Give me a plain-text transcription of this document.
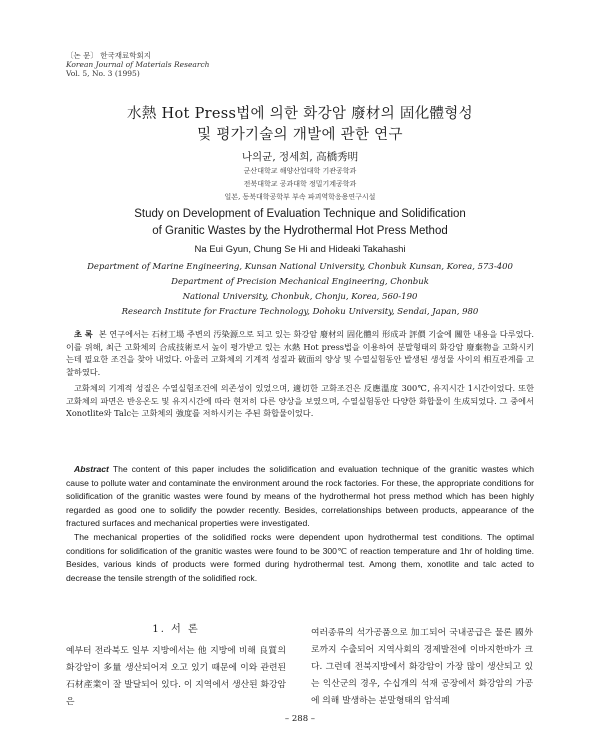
〔논 문〕 한국재료학회지
Korean Journal of Materials Research
Vol. 5, No. 3 (1995)
水熱 Hot Press법에 의한 화강암 廢材의 固化體형성
및 평가기술의 개발에 관한 연구
나의균, 정세희, 高橋秀明
군산대학교 해양산업대학 기관공학과
전북대학교 공과대학 정밀기계공학과
일본, 동북대학공학부 부속 파괴역학응용연구시설
Study on Development of Evaluation Technique and Solidification
of Granitic Wastes by the Hydrothermal Hot Press Method
Na Eui Gyun, Chung Se Hi and Hideaki Takahashi
Department of Marine Engineering, Kunsan National University, Chonbuk Kunsan, Korea, 573-400
Department of Precision Mechanical Engineering, Chonbuk
National University, Chonbuk, Chonju, Korea, 560-190
Research Institute for Fracture Technology, Dohoku University, Sendai, Japan, 980

초 록 본 연구에서는 石材工場 주변의 汚染源으로 되고 있는 화강암 廢材의 固化體의 形成과 評價 기술에 關한 내용을 다루었다. 이를 위해, 최근 고화체의 合成技術로서 높이 평가받고 있는 水熱 Hot press법을 이용하여 분말형태의 화강암 廢棄物을 고화시키는데 필요한 조건을 찾아 내었다. 아울러 고화체의 기계적 성질과 破面의 양상 및 수열실험동안 발생된 생성물 사이의 相互관계를 고찰하였다.

고화체의 기계적 성질은 수열실험조건에 의존성이 있었으며, 適切한 고화조건은 反應溫度 300℃, 유지시간 1시간이었다. 또한 고화체의 파면은 반응온도 및 유지시간에 따라 현저히 다른 양상을 보였으며, 수열실험동안 다양한 화합물이 生成되었다. 그 중에서 Xonotlite와 Talc는 고화체의 強度를 저하시키는 주된 화합물이었다.

Abstract The content of this paper includes the solidification and evaluation technique of the granitic wastes which cause to pollute water and contaminate the environment around the rock factories. For these, the appropriate conditions for solidification of the granitic wastes were found by means of the hydrothermal hot press method which has been highly regarded as good one to solidify the powder recently. Besides, correlationships between products, appearance of the fractured surfaces and mechanical properties were investigated.

The mechanical properties of the solidified rocks were dependent upon hydrothermal test conditions. The optimal conditions for solidification of the granitic wastes were found to be 300℃ of reaction temperature and 1hr of holding time. Besides, various kinds of products were formed during hydrothermal test. Among them, xonotlite and talc acted to decrease the tensile strength of the solidified rock.

1. 서 론
예부터 전라북도 일부 지방에서는 他 지방에 비해 良質의 화강암이 多量 생산되어져 오고 있기 때문에 이와 관련된 石材產業이 잘 발달되어 있다. 이 지역에서 생산된 화강암은
여러종류의 석가공품으로 加工되어 국내공급은 물론 國外로까지 수출되어 지역사회의 경제발전에 이바지한바가 크다. 그런데 전북지방에서 화강암이 가장 많이 생산되고 있는 익산군의 경우, 수십개의 석재 공장에서 화강암의 가공에 의해 발생하는 분말형태의 암석폐
– 288 –
